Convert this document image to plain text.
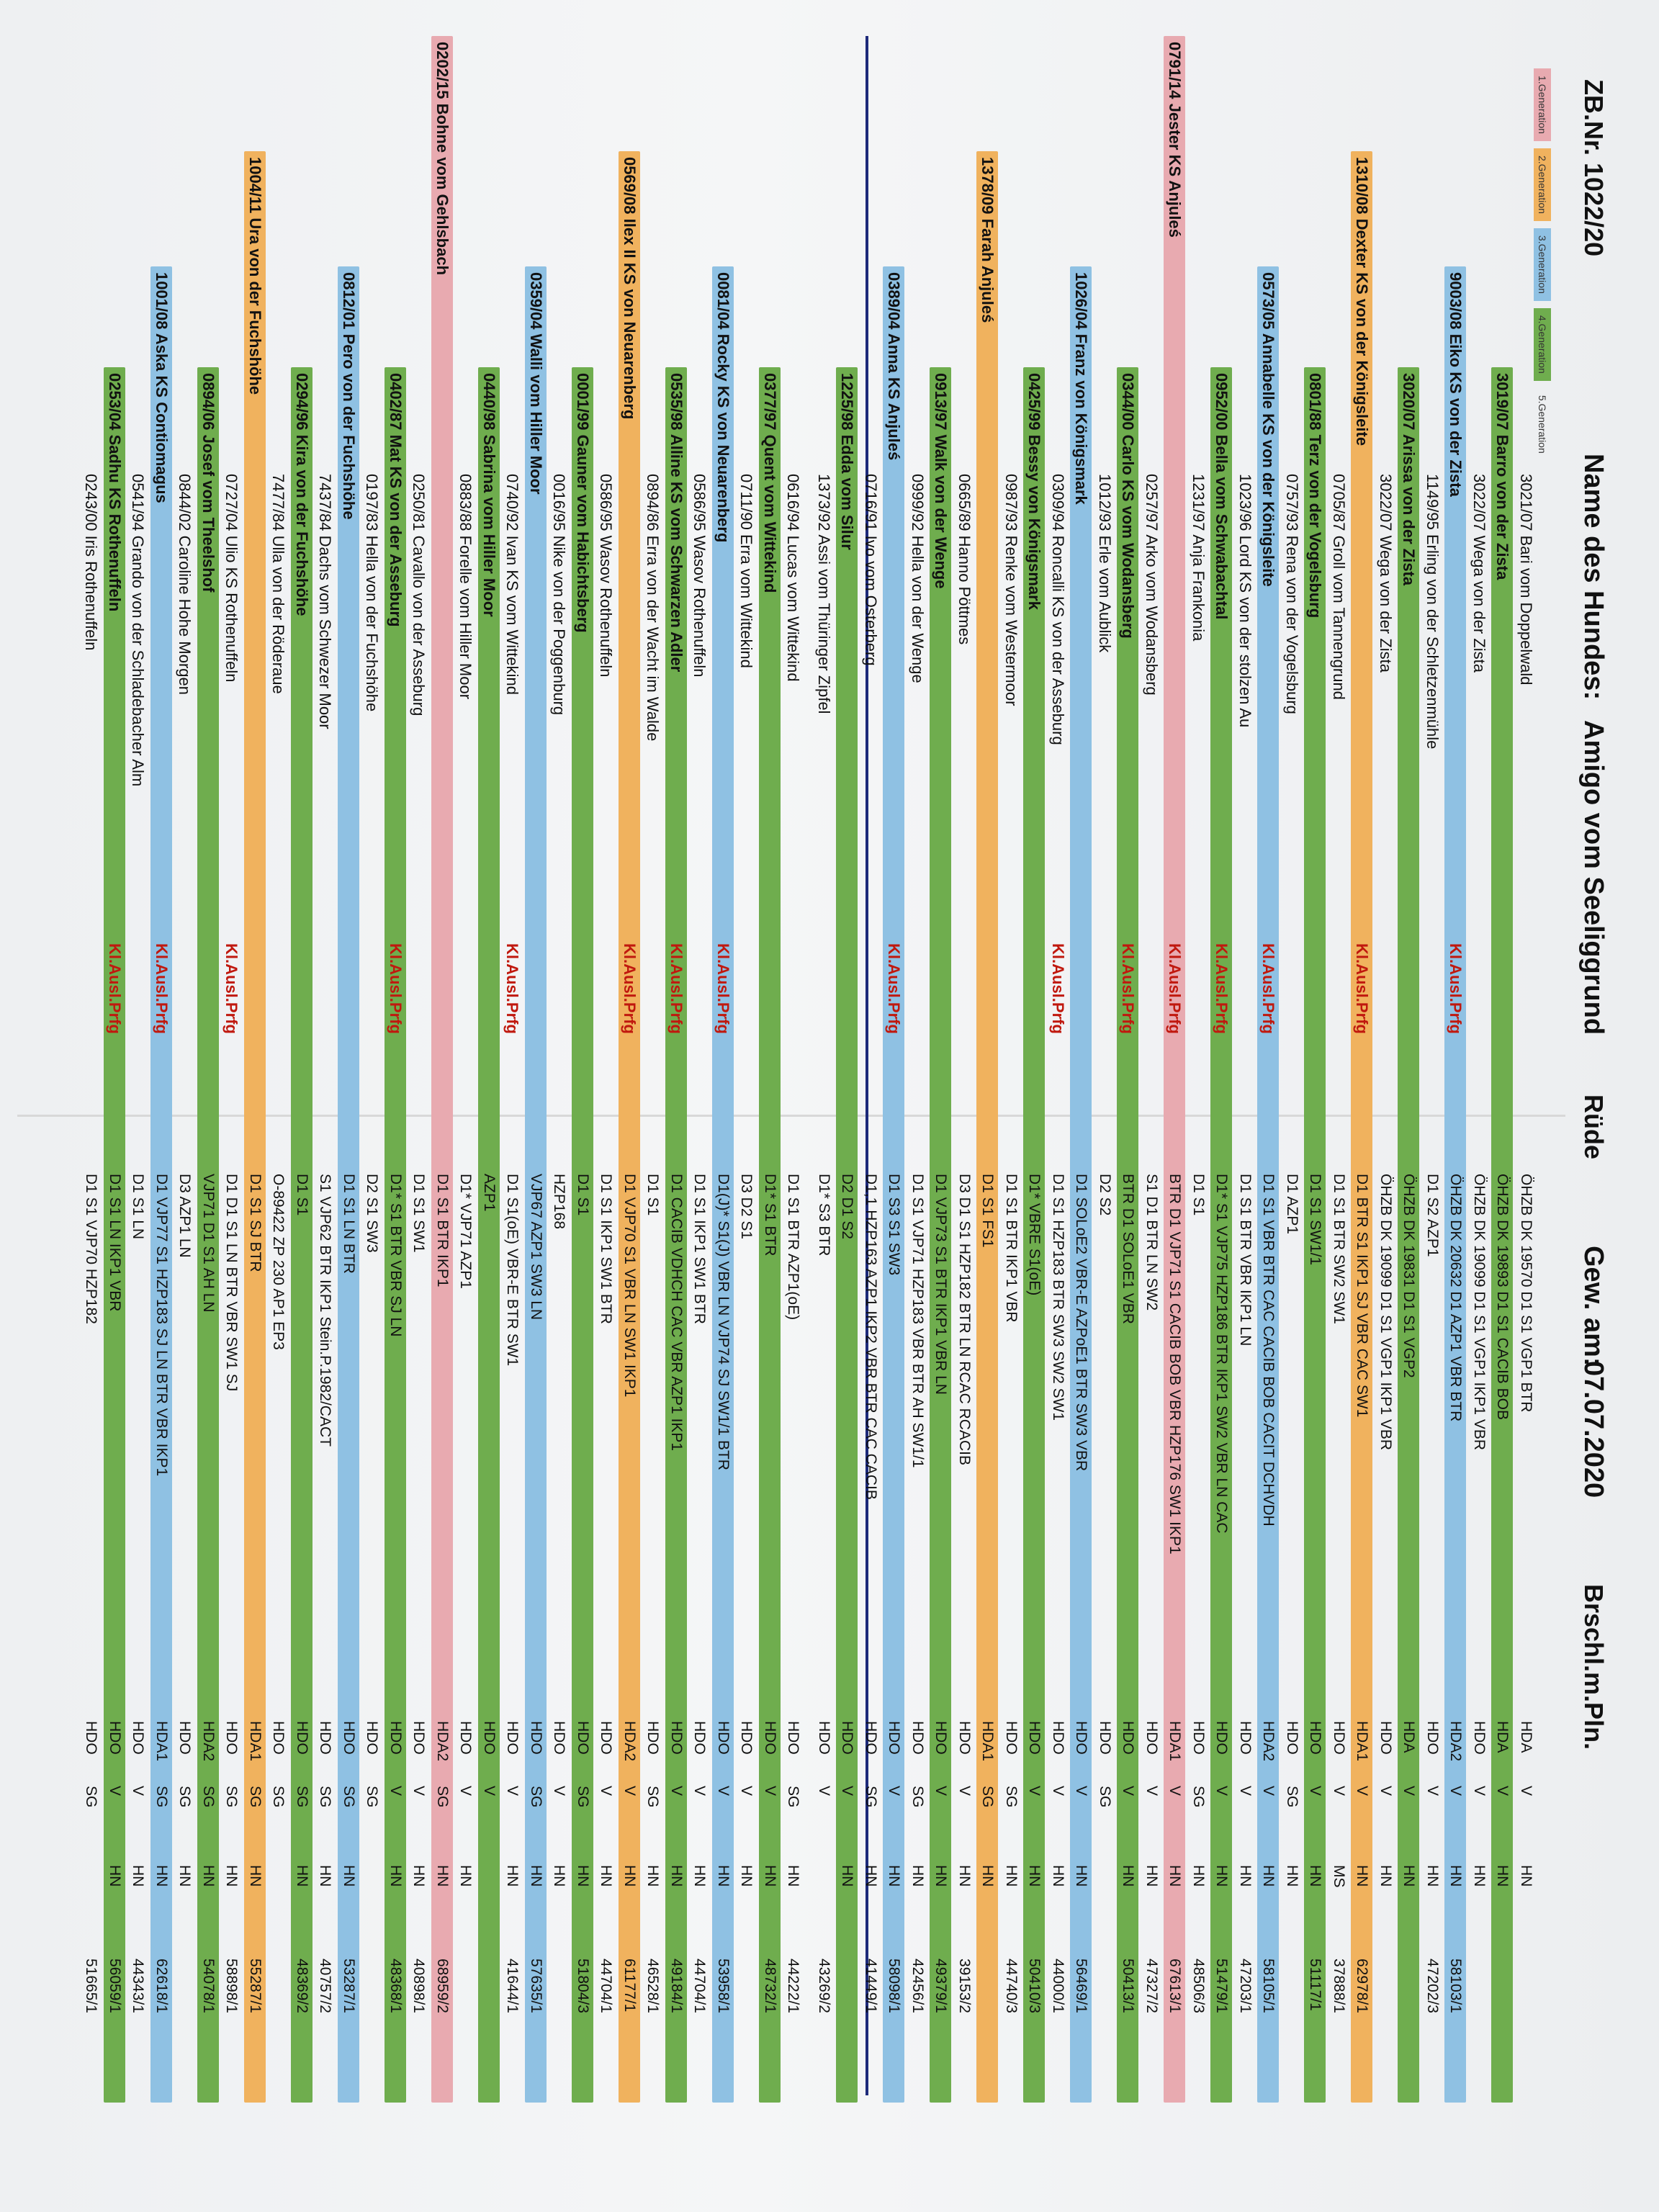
ZB.Nr. 1022/20
Name des Hundes:
Amigo vom Seeliggrund
Rüde
Gew. am:
07.07.2020
Brschl.m.Pln.
1.Generation
2.Generation
3.Generation
4.Generation
5.Generation
3021/07 Bari vom Doppelwald
ÖHZB DK 19570 D1 S1 VGP1 BTR
HDA
V
HN
3019/07 Barro von der Zista
ÖHZB DK 19893 D1 S1 CACIB BOB
HDA
V
HN
3022/07 Wega von der Zista
ÖHZB DK 19099 D1 S1 VGP1 IKP1 VBR
HDO
V
HN
9003/08 Eiko KS von der Zista
Kl.Ausl.Prfg
ÖHZB DK 20632 D1 AZP1 VBR BTR
HDA2
V
HN
58103/1
1149/95 Erling von der Schletzenmühle
D1 S2 AZP1
HDO
V
HN
47202/3
3020/07 Arissa von der Zista
ÖHZB DK 19831 D1 S1 VGP2
HDA
V
HN
3022/07 Wega von der Zista
ÖHZB DK 19099 D1 S1 VGP1 IKP1 VBR
HDO
V
HN
1310/08 Dexter KS von der Königsleite
Kl.Ausl.Prfg
D1 BTR S1 IKP1 SJ VBR CAC SW1
HDA1
V
HN
62978/1
0705/87 Groll vom Tannengrund
D1 S1 BTR SW2 SW1
HDO
V
MS
37888/1
0801/88 Terz von der Vogelsburg
D1 S1 SW1/1
HDO
V
HN
51117/1
0757/93 Rena von der Vogelsburg
D1 AZP1
HDO
SG
HN
0573/05 Annabelle KS von der Königsleite
Kl.Ausl.Prfg
D1 S1 VBR BTR CAC CACIB BOB CACIT DCHVDH
HDA2
V
HN
58105/1
1023/96 Lord KS von der stolzen Au
D1 S1 BTR VBR IKP1 LN
HDO
V
HN
47203/1
0952/00 Bella vom Schwabachtal
Kl.Ausl.Prfg
D1* S1 VJP75 HZP186 BTR IKP1 SW2 VBR LN CAC
HDO
V
HN
51479/1
1231/97 Anja Frankonia
D1 S1
HDO
SG
HN
48506/3
0791/14 Jester KS Anjuleś
Kl.Ausl.Prfg
BTR D1 VJP71 S1 CACIB BOB VBR HZP176 SW1 IKP1
HDA1
V
HN
67613/1
0257/97 Arko vom Wodansberg
S1 D1 BTR LN SW2
HDO
V
HN
47327/2
0344/00 Carlo KS vom Wodansberg
Kl.Ausl.Prfg
BTR D1 SOLoE1 VBR
HDO
V
HN
50413/1
1012/93 Erle vom Aublick
D2 S2
HDO
SG
1026/04 Franz von Königsmark
D1 SOLoE2 VBR-E AZPoE1 BTR SW3 VBR
HDO
V
HN
56469/1
0309/94 Roncalli KS von der Asseburg
Kl.Ausl.Prfg
D1 S1 HZP183 BTR SW3 SW2 SW1
HDO
V
HN
44000/1
0425/99 Bessy von Königsmark
D1* VBRE S1(oE)
HDO
V
HN
50410/3
0987/93 Renke vom Westermoor
D1 S1 BTR IKP1 VBR
HDO
SG
HN
44740/3
1378/09 Farah Anjuleś
D1 S1 FS1
HDA1
SG
HN
0665/89 Hanno Pöttmes
D3 D1 S1 HZP182 BTR LN RCAC RCACIB
HDO
V
HN
39153/2
0913/97 Walk von der Wenge
D1 VJP73 S1 BTR IKP1 VBR LN
HDO
V
HN
49379/1
0999/92 Hella von der Wenge
D1 S1 VJP71 HZP183 VBR BTR AH SW1/1
HDO
SG
HN
42456/1
0389/04 Anna KS Anjuleś
Kl.Ausl.Prfg
D1 S3 S1 SW3
HDO
V
HN
58098/1
0716/91 Ivo vom Osterberg
D1,1 HZP163 AZP1 IKP2 VBR BTR CAC CACIB
HDO
SG
HN
41449/1
1225/98 Edda vom Silur
D2 D1 S2
HDO
V
HN
1373/92 Assi vom Thüringer Zipfel
D1* S3 BTR
HDO
V
43269/2
0616/94 Lucas vom Wittekind
D1 S1 BTR AZP1(oE)
HDO
SG
HN
44222/1
0377/97 Quent vom Wittekind
D1* S1 BTR
HDO
V
HN
48732/1
0711/90 Erra vom Wittekind
D3 D2 S1
HDO
V
HN
0081/04 Rocky KS von Neuarenberg
Kl.Ausl.Prfg
D1(J)* S1(J) VBR LN VJP74 SJ SW1/1 BTR
HDO
V
HN
53958/1
0586/95 Wasov Rothenuffeln
D1 S1 IKP1 SW1 BTR
HDO
V
HN
44704/1
0535/98 Alline KS vom Schwarzen Adler
Kl.Ausl.Prfg
D1 CACIB VDHCH CAC VBR AZP1 IKP1
HDO
V
HN
49184/1
0894/86 Erra von der Wacht im Walde
D1 S1
HDO
SG
HN
46528/1
0569/08 Ilex II KS von Neuarenberg
Kl.Ausl.Prfg
D1 VJP70 S1 VBR LN SW1 IKP1
HDA2
V
HN
61177/1
0586/95 Wasov Rothenuffeln
D1 S1 IKP1 SW1 BTR
HDO
V
HN
44704/1
0001/99 Gauner vom Habichtsberg
D1 S1
HDO
SG
HN
51804/3
0016/95 Nike von der Poggenburg
HZP168
HDO
V
HN
0359/04 Walli vom Hiller Moor
VJP67 AZP1 SW3 LN
HDO
SG
HN
57635/1
0740/92 Ivan KS vom Wittekind
Kl.Ausl.Prfg
D1 S1(oE) VBR-E BTR SW1
HDO
V
HN
41644/1
0440/98 Sabrina vom Hiller Moor
AZP1
HDO
V
0883/88 Forelle vom Hiller Moor
D1* VJP71 AZP1
HDO
V
HN
0202/15 Bohne vom Gehlsbach
D1 S1 BTR IKP1
HDA2
SG
HN
68959/2
0250/81 Cavallo von der Asseburg
D1 S1 SW1
HDO
V
HN
40898/1
0402/87 Mat KS von der Asseburg
Kl.Ausl.Prfg
D1* S1 BTR VBR SJ LN
HDO
V
HN
48368/1
0197/83 Hella von der Fuchshöhe
D2 S1 SW3
HDO
SG
0812/01 Pero von der Fuchshöhe
D1 S1 LN BTR
HDO
SG
HN
53287/1
7437/84 Dachs vom Schwezer Moor
S1 VJP62 BTR IKP1 Stein.P.1982/CACT
HDO
SG
HN
40757/2
0294/96 Kira von der Fuchshöhe
D1 S1
HDO
SG
HN
48369/2
7477/84 Ulla von der Röderaue
O-89422 ZP 230 AP1 EP3
HDO
SG
1004/11 Ura von der Fuchshöhe
D1 S1 SJ BTR
HDA1
SG
HN
55287/1
0727/04 Ulio KS Rothenuffeln
Kl.Ausl.Prfg
D1 D1 S1 LN BTR VBR SW1 SJ
HDO
SG
HN
58898/1
0894/06 Josef vom Theelshof
VJP71 D1 S1 AH LN
HDA2
SG
HN
54078/1
0844/02 Caroline Hohe Morgen
D3 AZP1 LN
HDO
SG
HN
1001/08 Aska KS Contiomagus
Kl.Ausl.Prfg
D1 VJP77 S1 HZP183 SJ LN BTR VBR IKP1
HDA1
SG
HN
62618/1
0541/94 Grando von der Schladebacher Alm
D1 S1 LN
HDO
V
HN
44343/1
0253/04 Sadhu KS Rothenuffeln
Kl.Ausl.Prfg
D1 S1 LN IKP1 VBR
HDO
V
HN
56059/1
0243/00 Iris Rothenuffeln
D1 S1 VJP70 HZP182
HDO
SG
51665/1
